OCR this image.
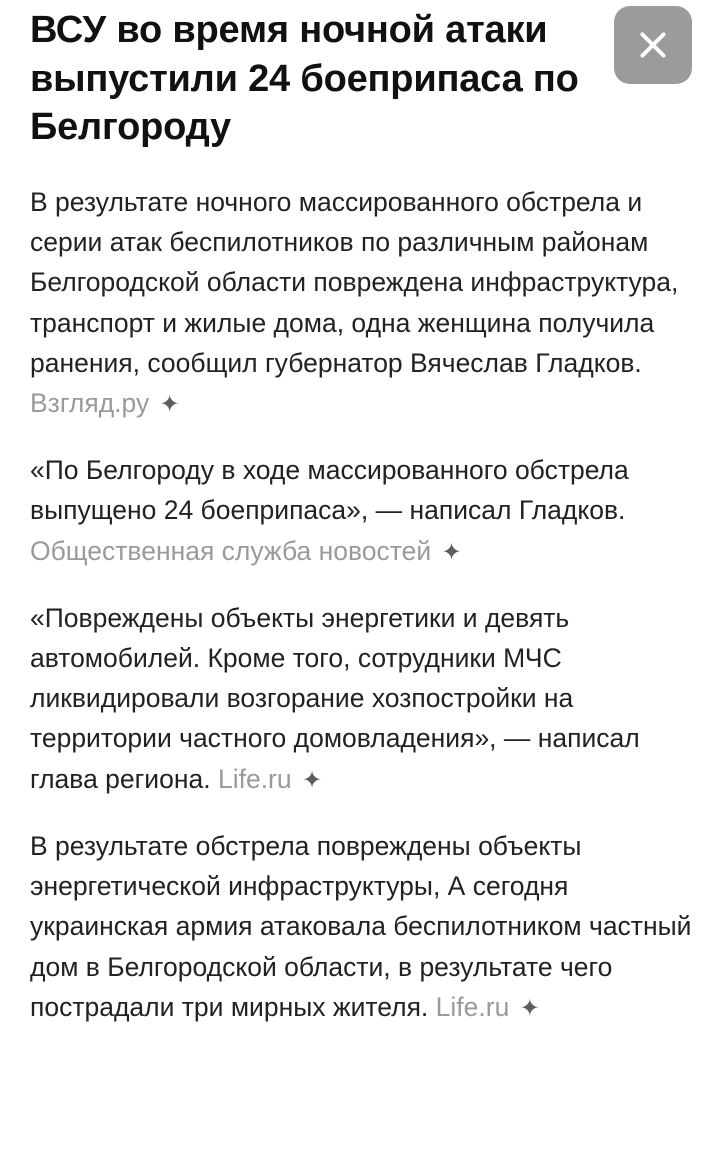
ВСУ во время ночной атаки выпустили 24 боеприпаса по Белгороду

В результате ночного массированного обстрела и серии атак беспилотников по различным районам Белгородской области повреждена инфраструктура, транспорт и жилые дома, одна женщина получила ранения, сообщил губернатор Вячеслав Гладков. Взгляд.ру ✦

«По Белгороду в ходе массированного обстрела выпущено 24 боеприпаса», — написал Гладков. Общественная служба новостей ✦

«Повреждены объекты энергетики и девять автомобилей. Кроме того, сотрудники МЧС ликвидировали возгорание хозпостройки на территории частного домовладения», — написал глава региона. Life.ru ✦

В результате обстрела повреждены объекты энергетической инфраструктуры, А сегодня украинская армия атаковала беспилотником частный дом в Белгородской области, в результате чего пострадали три мирных жителя. Life.ru ✦
